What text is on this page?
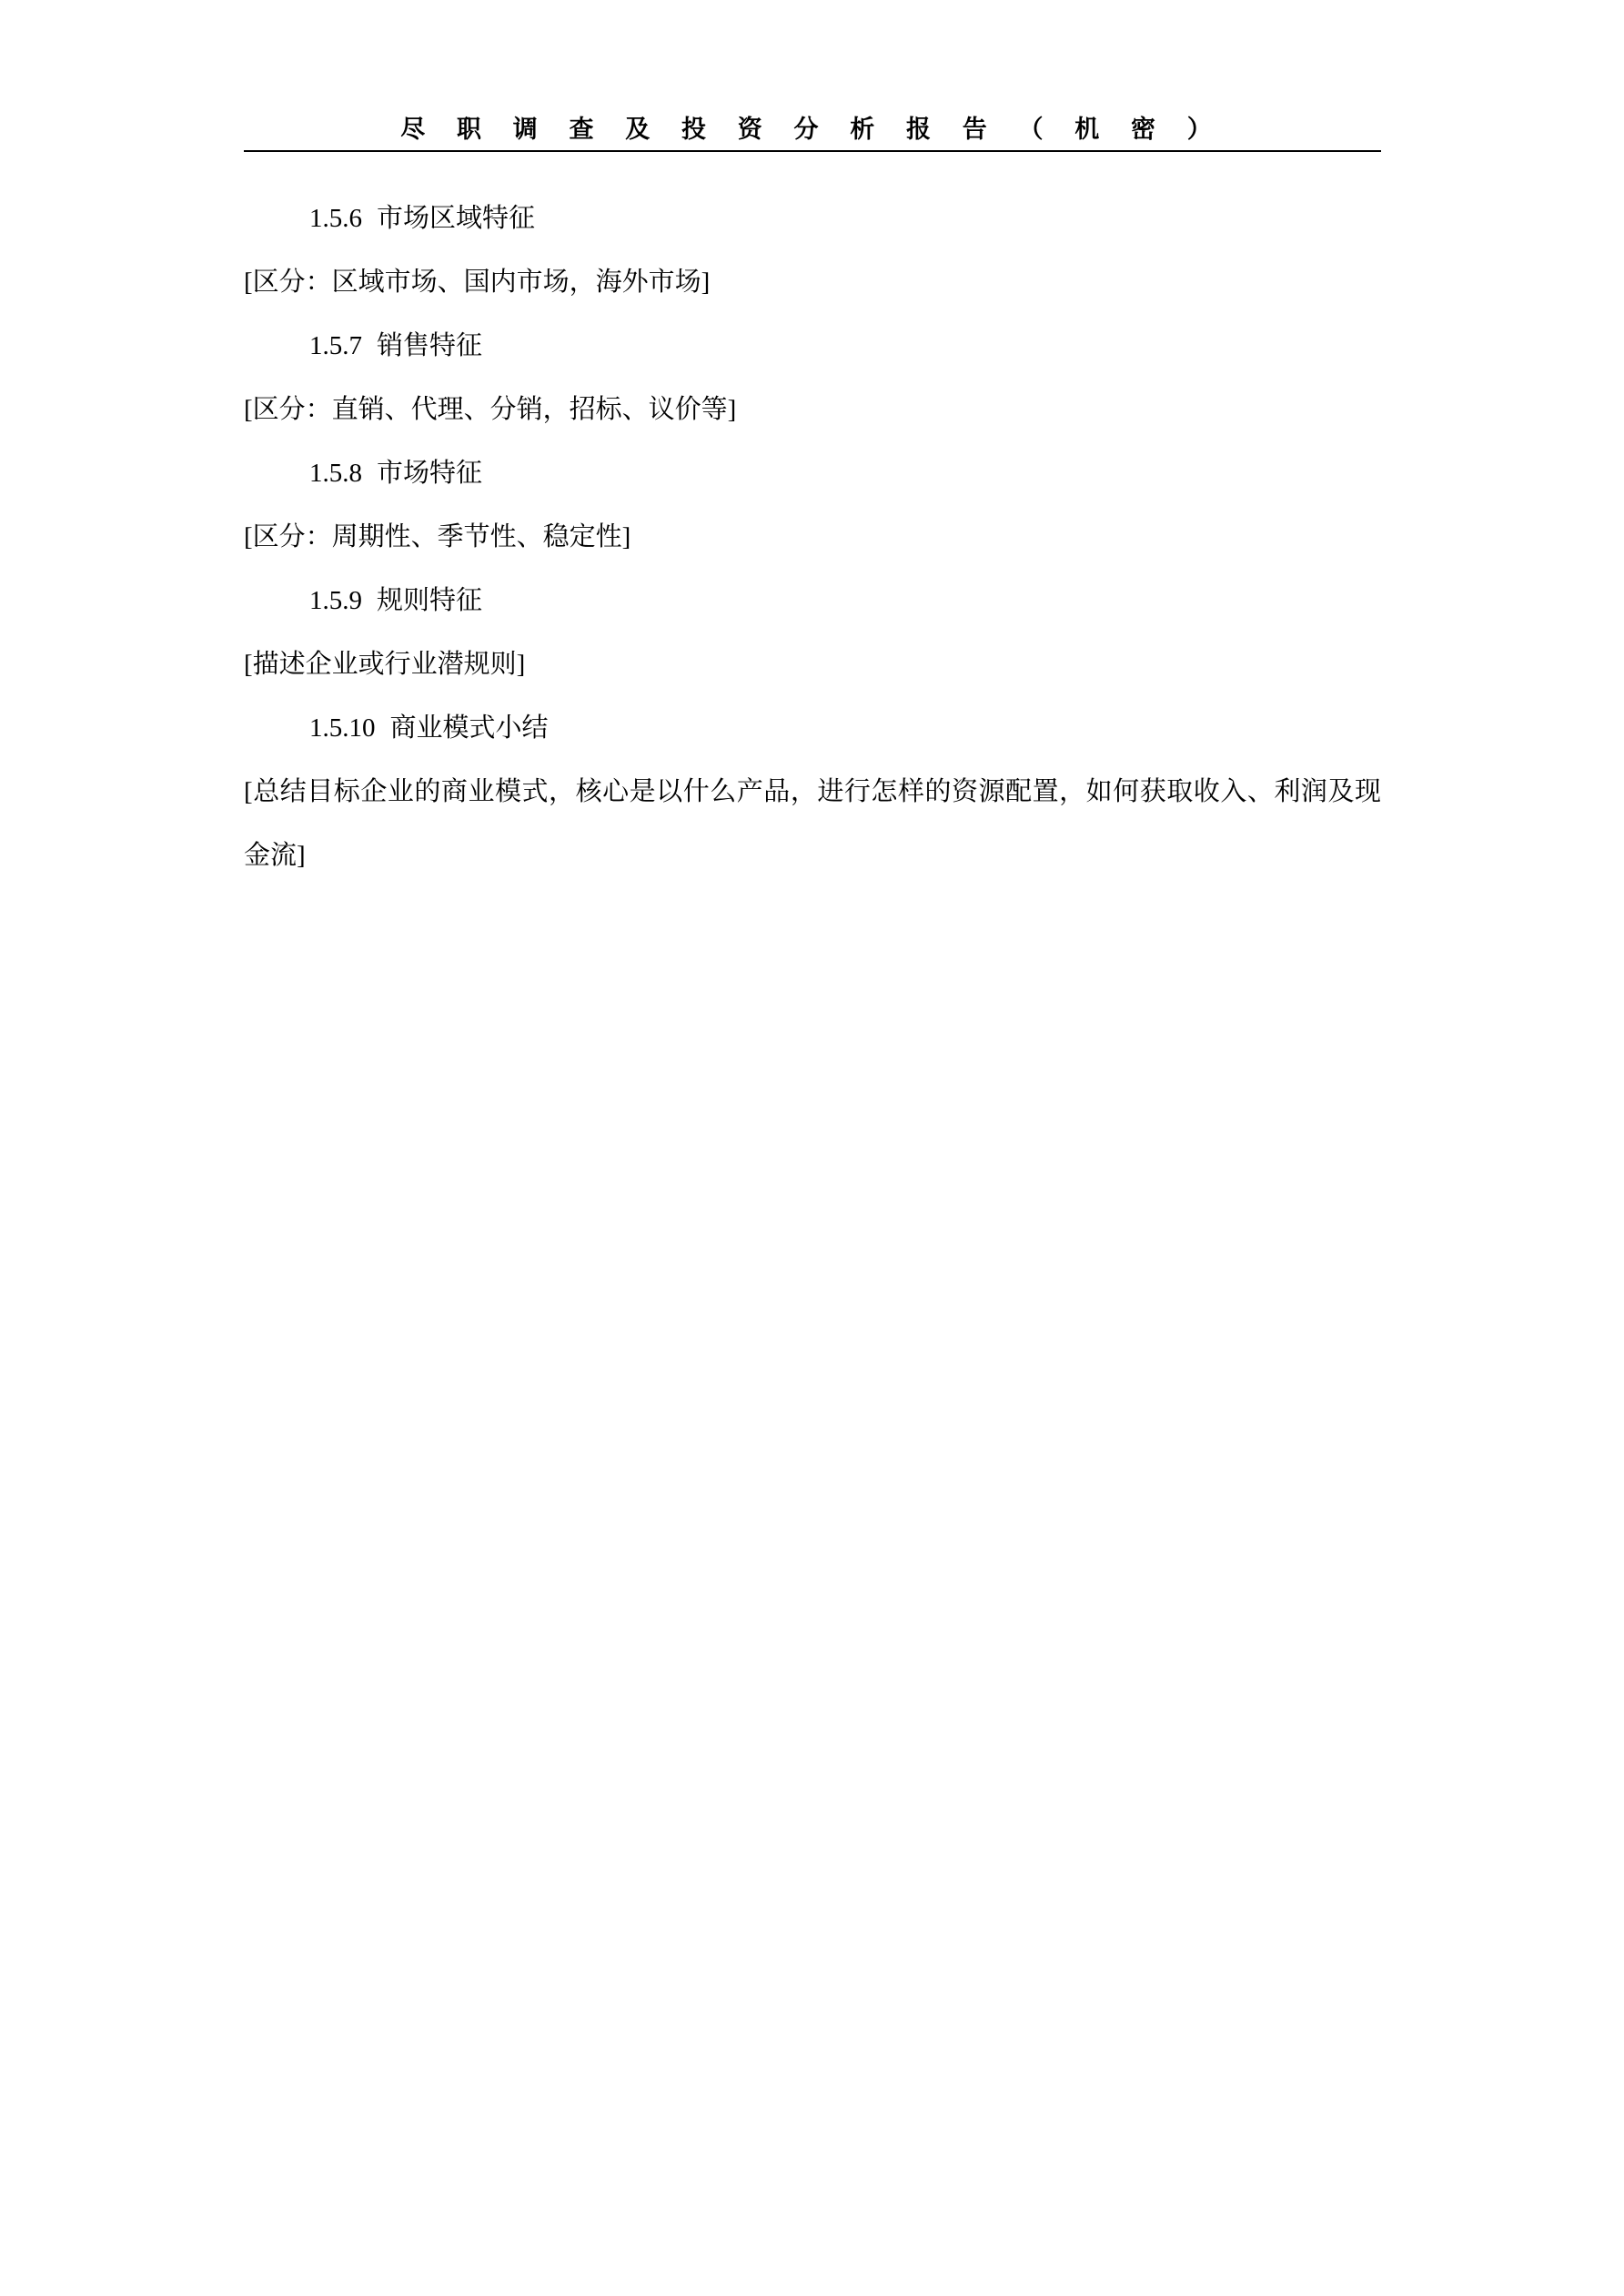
尽 职 调 查 及 投 资 分 析 报 告 （ 机 密 ）
1.5.6 市场区域特征
[区分：区域市场、国内市场，海外市场]
1.5.7 销售特征
[区分：直销、代理、分销，招标、议价等]
1.5.8 市场特征
[区分：周期性、季节性、稳定性]
1.5.9 规则特征
[描述企业或行业潜规则]
1.5.10 商业模式小结
[总结目标企业的商业模式，核心是以什么产品，进行怎样的资源配置，如何获取收入、利润及现金流]
